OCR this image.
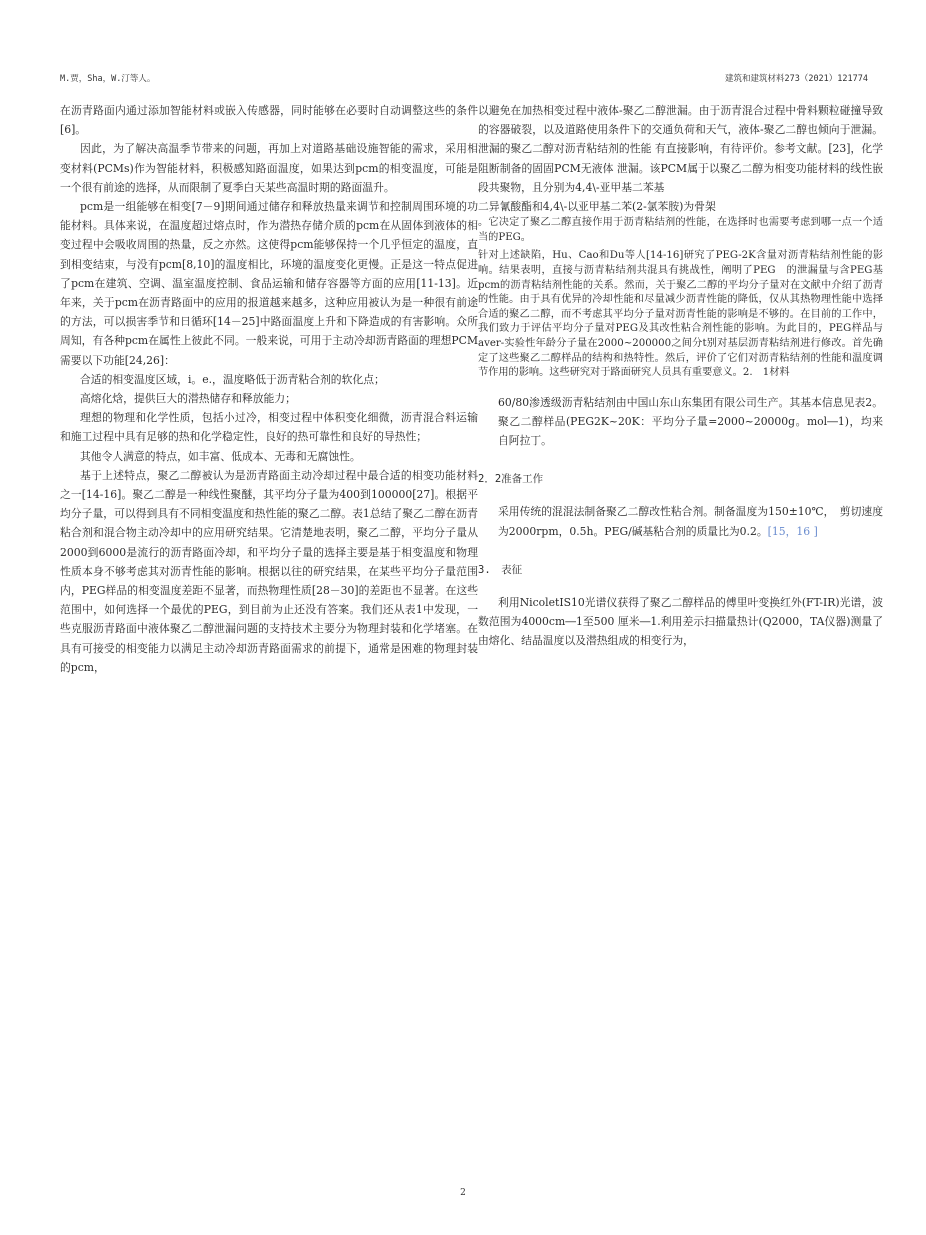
M.贾，Sha，W.汀等人。	建筑和建筑材料273（2021）121774

在沥青路面内通过添加智能材料或嵌入传感器，同时能够在必要时自动调整这些的条件[6]。

因此，为了解决高温季节带来的问题，再加上对道路基础设施智能的需求，采用相变材料(PCMs)作为智能材料，积极感知路面温度，如果达到pcm的相变温度，可能是一个很有前途的选择，从而限制了夏季白天某些高温时期的路面温升。

pcm是一组能够在相变[7－9]期间通过储存和释放热量来调节和控制周围环境的功能材料。具体来说，在温度超过熔点时，作为潜热存储介质的pcm在从固体到液体的相变过程中会吸收周围的热量，反之亦然。这使得pcm能够保持一个几乎恒定的温度，直到相变结束，与没有pcm[8,10]的温度相比，环境的温度变化更慢。正是这一特点促进了pcm在建筑、空调、温室温度控制、食品运输和储存容器等方面的应用[11-13]。近年来，关于pcm在沥青路面中的应用的报道越来越多，这种应用被认为是一种很有前途的方法，可以损害季节和日循环[14－25]中路面温度上升和下降造成的有害影响。众所周知，有各种pcm在属性上彼此不同。一般来说，可用于主动冷却沥青路面的理想PCM需要以下功能[24,26]：

合适的相变温度区域，i。e.，温度略低于沥青粘合剂的软化点；

高熔化焓，提供巨大的潜热储存和释放能力；

理想的物理和化学性质，包括小过冷，相变过程中体积变化细微，沥青混合料运输和施工过程中具有足够的热和化学稳定性，良好的热可靠性和良好的导热性；

其他令人满意的特点，如丰富、低成本、无毒和无腐蚀性。

基于上述特点，聚乙二醇被认为是沥青路面主动冷却过程中最合适的相变功能材料之一[14-16]。聚乙二醇是一种线性聚醚，其平均分子量为400到100000[27]。根据平均分子量，可以得到具有不同相变温度和热性能的聚乙二醇。表1总结了聚乙二醇在沥青粘合剂和混合物主动冷却中的应用研究结果。它清楚地表明，聚乙二醇，平均分子量从2000到6000是流行的沥青路面冷却，和平均分子量的选择主要是基于相变温度和物理性质本身不够考虑其对沥青性能的影响。根据以往的研究结果，在某些平均分子量范围内，PEG样品的相变温度差距不显著，而热物理性质[28－30]的差距也不显著。在这些范围中，如何选择一个最优的PEG，到目前为止还没有答案。我们还从表1中发现，一些克服沥青路面中液体聚乙二醇泄漏问题的支持技术主要分为物理封装和化学堵塞。在具有可接受的相变能力以满足主动冷却沥青路面需求的前提下，通常是困难的物理封装的pcm，

以避免在加热相变过程中液体-聚乙二醇泄漏。由于沥青混合过程中骨料颗粒碰撞导致的容器破裂，以及道路使用条件下的交通负荷和天气，液体-聚乙二醇也倾向于泄漏。泄漏的聚乙二醇对沥青粘结剂的性能 有直接影响，有待评价。参考文献。[23]，化学阻断制备的固固PCM无液体 泄漏。该PCM属于以聚乙二醇为相变功能材料的线性嵌段共聚物，且分别为4,4\-亚甲基二苯基

二异氰酸酯和4,4\-以亚甲基二苯(2-氯苯胺)为骨架

。它决定了聚乙二醇直接作用于沥青粘结剂的性能，在选择时也需要考虑到哪一点一个适当的PEG。

针对上述缺陷，Hu、Cao和Du等人[14-16]研究了PEG-2K含量对沥青粘结剂性能的影响。结果表明，直接与沥青粘结剂共混具有挑战性，阐明了PEG　的泄漏量与含PEG基pcm的沥青粘结剂性能的关系。然而，关于聚乙二醇的平均分子量对在文献中介绍了沥青的性能。由于具有优异的冷却性能和尽量减少沥青性能的降低，仅从其热物理性能中选择合适的聚乙二醇，而不考虑其平均分子量对沥青性能的影响是不够的。在目前的工作中，我们致力于评估平均分子量对PEG及其改性粘合剂性能的影响。为此目的，PEG样品与aver-实验性年龄分子量在2000~200000之间分t别对基层沥青粘结剂进行修改。首先确定了这些聚乙二醇样品的结构和热特性。然后，评价了它们对沥青粘结剂的性能和温度调节作用的影响。这些研究对于路面研究人员具有重要意义。2.　1材料

60/80渗透级沥青粘结剂由中国山东山东集团有限公司生产。其基本信息见表2。聚乙二醇样品(PEG2K~20K：平均分子量=2000~20000g。mol―1)，均来自阿拉丁。

2．2准备工作

采用传统的混混法制备聚乙二醇改性粘合剂。制备温度为150±10℃，　剪切速度为2000rpm，0.5h。PEG/碱基粘合剂的质量比为0.2。[15，16 ]

3.　表征

利用NicoletIS10光谱仪获得了聚乙二醇样品的傅里叶变换红外(FT-IR)光谱，波数范围为4000cm―1至500 厘米―1.利用差示扫描量热计(Q2000，TA仪器)测量了由熔化、结晶温度以及潜热组成的相变行为，

2
